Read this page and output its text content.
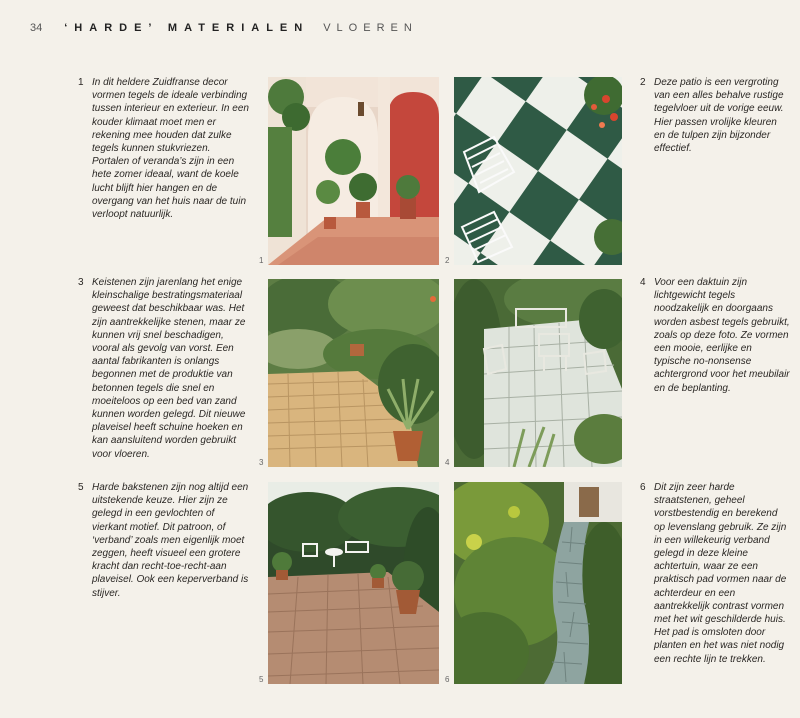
34 ‘HARDE’ MATERIALEN VLOEREN
1 In dit heldere Zuidfranse decor vormen tegels de ideale verbinding tussen interieur en exterieur. In een kouder klimaat moet men er rekening mee houden dat zulke tegels kunnen stukvriezen. Portalen of veranda’s zijn in een hete zomer ideaal, want de koele lucht blijft hier hangen en de overgang van het huis naar de tuin verloopt natuurlijk.

2 Deze patio is een vergroting van een alles behalve rustige tegelvloer uit de vorige eeuw. Hier passen vrolijke kleuren en de tulpen zijn bijzonder effectief.

3 Keistenen zijn jarenlang het enige kleinschalige bestratingsmateriaal geweest dat beschikbaar was. Het zijn aantrekkelijke stenen, maar ze kunnen vrij snel beschadigen, vooral als gevolg van vorst. Een aantal fabrikanten is onlangs begonnen met de produktie van betonnen tegels die snel en moeiteloos op een bed van zand kunnen worden gelegd. Dit nieuwe plaveisel heeft schuine hoeken en kan aansluitend worden gebruikt voor vloeren.

4 Voor een daktuin zijn lichtgewicht tegels noodzakelijk en doorgaans worden asbest tegels gebruikt, zoals op deze foto. Ze vormen een mooie, eerlijke en typische no-nonsense achtergrond voor het meubilair en de beplanting.

5 Harde bakstenen zijn nog altijd een uitstekende keuze. Hier zijn ze gelegd in een gevlochten of vierkant motief. Dit patroon, of ‘verband’ zoals men eigenlijk moet zeggen, heeft visueel een grotere kracht dan recht-toe-recht-aan plaveisel. Ook een keperverband is stijver.

6 Dit zijn zeer harde straatstenen, geheel vorstbestendig en berekend op levenslang gebruik. Ze zijn in een willekeurig verband gelegd in deze kleine achtertuin, waar ze een praktisch pad vormen naar de achterdeur en een aantrekkelijk contrast vormen met het wit geschilderde huis. Het pad is omsloten door planten en het was niet nodig een rechte lijn te trekken.

1	2
3	4
5	6
